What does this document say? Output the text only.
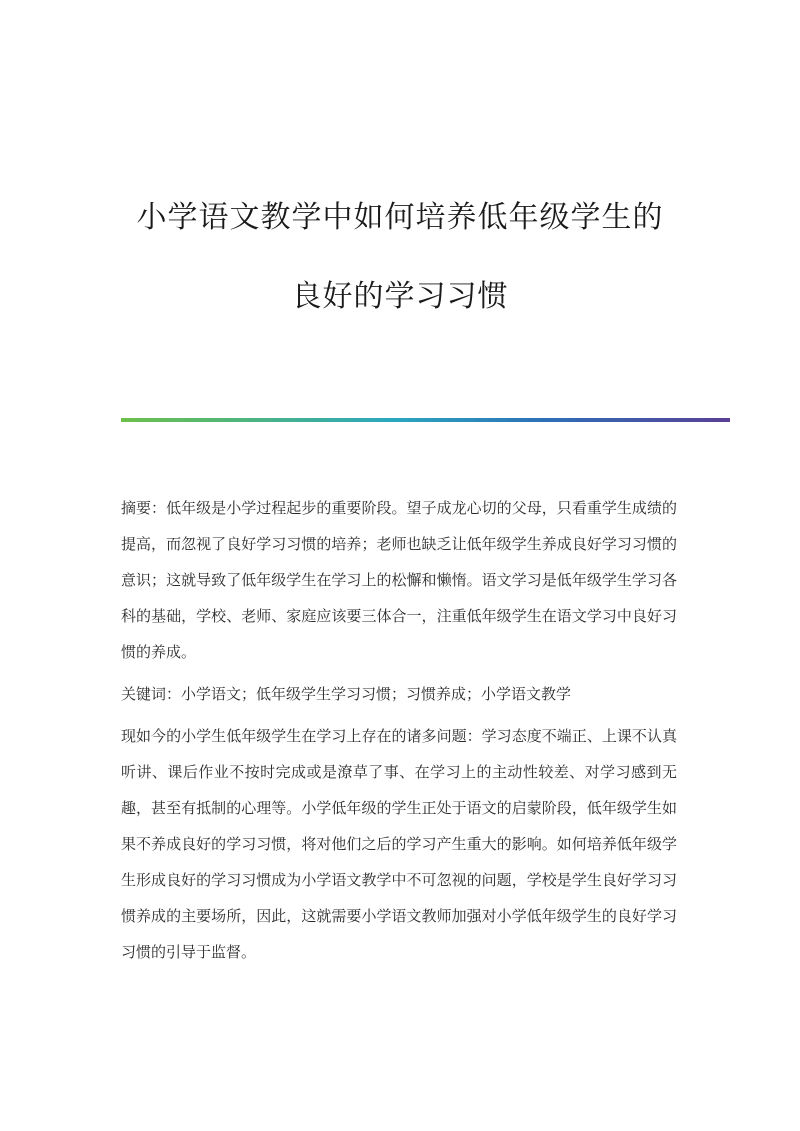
小学语文教学中如何培养低年级学生的
良好的学习习惯

摘要：低年级是小学过程起步的重要阶段。望子成龙心切的父母，只看重学生成绩的提高，而忽视了良好学习习惯的培养；老师也缺乏让低年级学生养成良好学习习惯的意识；这就导致了低年级学生在学习上的松懈和懒惰。语文学习是低年级学生学习各科的基础，学校、老师、家庭应该要三体合一，注重低年级学生在语文学习中良好习惯的养成。

关键词：小学语文；低年级学生学习习惯；习惯养成；小学语文教学

现如今的小学生低年级学生在学习上存在的诸多问题：学习态度不端正、上课不认真听讲、课后作业不按时完成或是潦草了事、在学习上的主动性较差、对学习感到无趣，甚至有抵制的心理等。小学低年级的学生正处于语文的启蒙阶段，低年级学生如果不养成良好的学习习惯，将对他们之后的学习产生重大的影响。如何培养低年级学生形成良好的学习习惯成为小学语文教学中不可忽视的问题，学校是学生良好学习习惯养成的主要场所，因此，这就需要小学语文教师加强对小学低年级学生的良好学习习惯的引导于监督。
